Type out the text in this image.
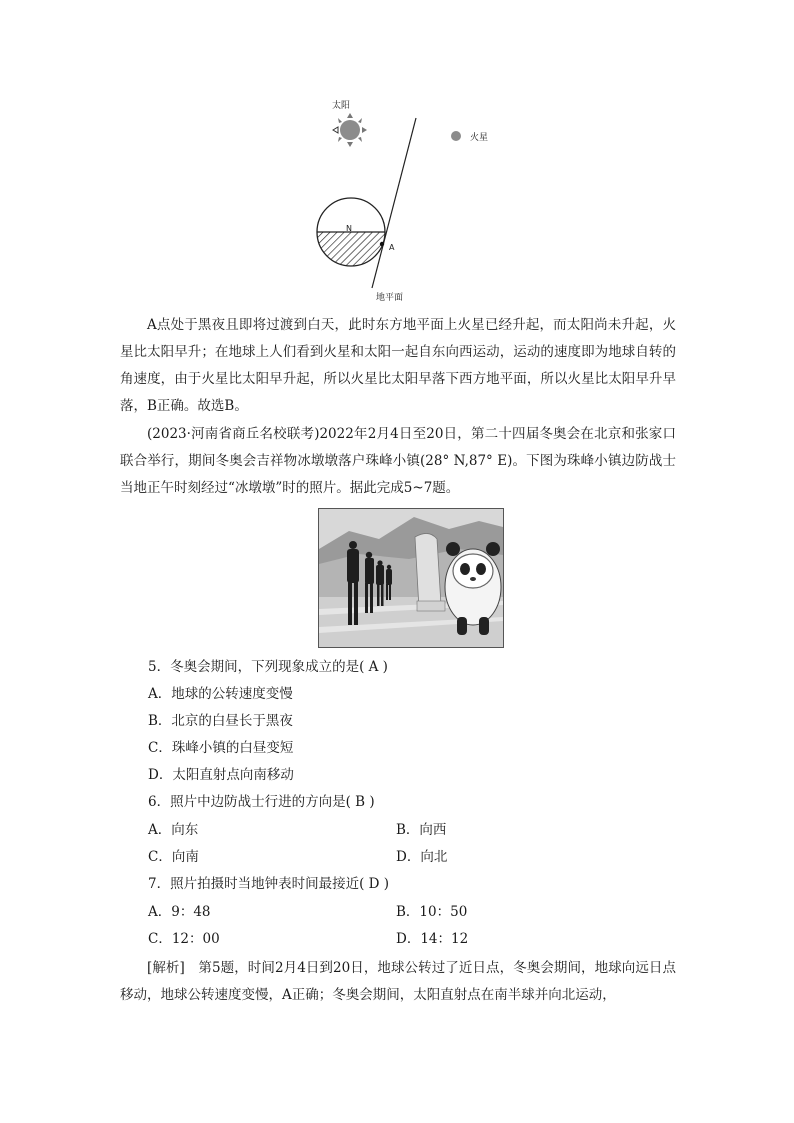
太阳
火星
N
A
地平面

A点处于黑夜且即将过渡到白天，此时东方地平面上火星已经升起，而太阳尚未升起，火星比太阳早升；在地球上人们看到火星和太阳一起自东向西运动，运动的速度即为地球自转的角速度，由于火星比太阳早升起，所以火星比太阳早落下西方地平面，所以火星比太阳早升早落，B正确。故选B。

(2023·河南省商丘名校联考)2022年2月4日至20日，第二十四届冬奥会在北京和张家口联合举行，期间冬奥会吉祥物冰墩墩落户珠峰小镇(28° N,87° E)。下图为珠峰小镇边防战士当地正午时刻经过“冰墩墩”时的照片。据此完成5~7题。

5．冬奥会期间，下列现象成立的是( A )

A．地球的公转速度变慢

B．北京的白昼长于黑夜

C．珠峰小镇的白昼变短

D．太阳直射点向南移动

6．照片中边防战士行进的方向是( B )

A．向东	B．向西

C．向南	D．向北

7．照片拍摄时当地钟表时间最接近( D )

A．9：48	B．10：50

C．12：00	D．14：12

[解析]　第5题，时间2月4日到20日，地球公转过了近日点，冬奥会期间，地球向远日点移动，地球公转速度变慢，A正确；冬奥会期间，太阳直射点在南半球并向北运动，
